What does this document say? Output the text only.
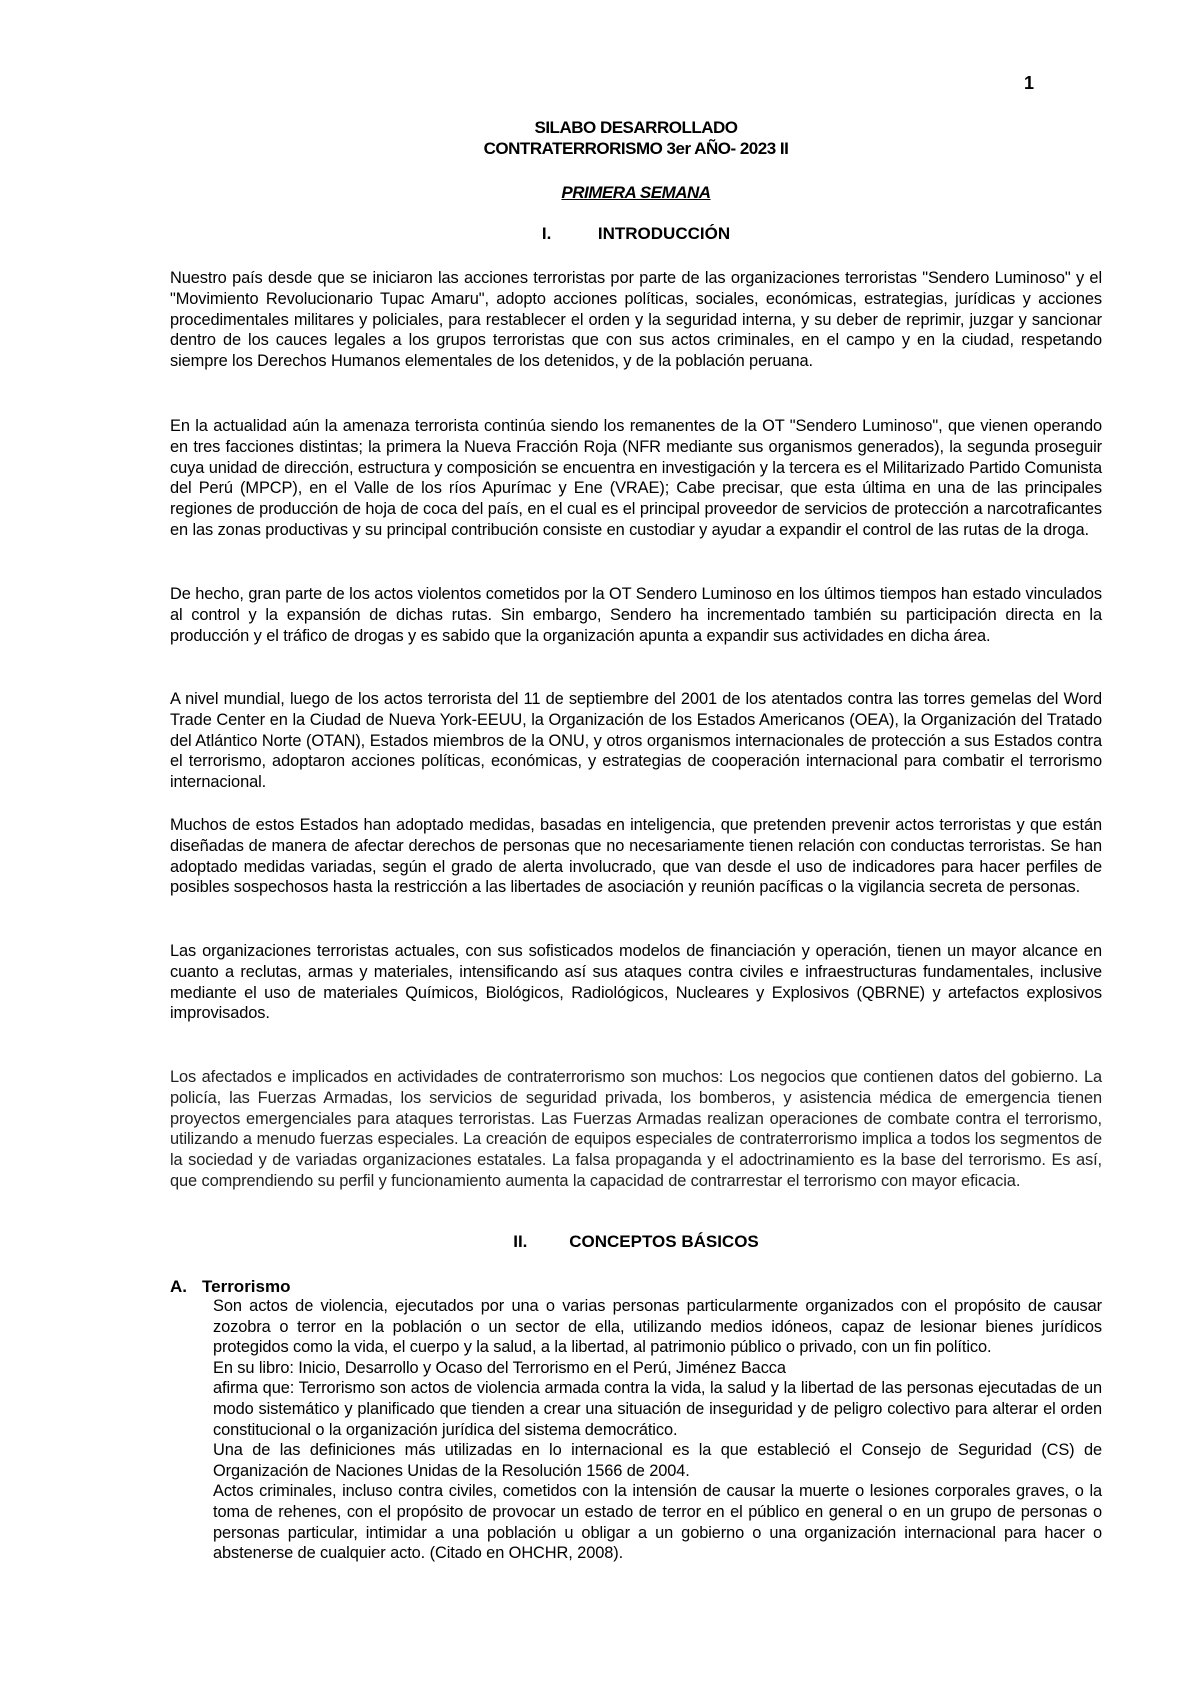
1
SILABO DESARROLLADO
CONTRATERRORISMO 3er AÑO- 2023 II
PRIMERA SEMANA
I.	INTRODUCCIÓN
Nuestro país desde que se iniciaron las acciones terroristas por parte de las organizaciones terroristas "Sendero Luminoso" y el "Movimiento Revolucionario Tupac Amaru", adopto acciones políticas, sociales, económicas, estrategias, jurídicas y acciones procedimentales militares y policiales, para restablecer el orden y la seguridad interna, y su deber de reprimir, juzgar y sancionar dentro de los cauces legales a los grupos terroristas que con sus actos criminales, en el campo y en la ciudad, respetando siempre los Derechos Humanos elementales de los detenidos, y de la población peruana.
En la actualidad aún la amenaza terrorista continúa siendo los remanentes de la OT "Sendero Luminoso", que vienen operando en tres facciones distintas; la primera la Nueva Fracción Roja (NFR mediante sus organismos generados), la segunda proseguir cuya unidad de dirección, estructura y composición se encuentra en investigación y la tercera es el Militarizado Partido Comunista del Perú (MPCP), en el Valle de los ríos Apurímac y Ene (VRAE); Cabe precisar, que esta última en una de las principales regiones de producción de hoja de coca del país, en el cual es el principal proveedor de servicios de protección a narcotraficantes en las zonas productivas y su principal contribución consiste en custodiar y ayudar a expandir el control de las rutas de la droga.
De hecho, gran parte de los actos violentos cometidos por la OT Sendero Luminoso en los últimos tiempos han estado vinculados al control y la expansión de dichas rutas. Sin embargo, Sendero ha incrementado también su participación directa en la producción y el tráfico de drogas y es sabido que la organización apunta a expandir sus actividades en dicha área.
A nivel mundial, luego de los actos terrorista del 11 de septiembre del 2001 de los atentados contra las torres gemelas del Word Trade Center en la Ciudad de Nueva York-EEUU, la Organización de los Estados Americanos (OEA), la Organización del Tratado del Atlántico Norte (OTAN), Estados miembros de la ONU, y otros organismos internacionales de protección a sus Estados contra el terrorismo, adoptaron acciones políticas, económicas, y estrategias de cooperación internacional para combatir el terrorismo internacional.
Muchos de estos Estados han adoptado medidas, basadas en inteligencia, que pretenden prevenir actos terroristas y que están diseñadas de manera de afectar derechos de personas que no necesariamente tienen relación con conductas terroristas. Se han adoptado medidas variadas, según el grado de alerta involucrado, que van desde el uso de indicadores para hacer perfiles de posibles sospechosos hasta la restricción a las libertades de asociación y reunión pacíficas o la vigilancia secreta de personas.
Las organizaciones terroristas actuales, con sus sofisticados modelos de financiación y operación, tienen un mayor alcance en cuanto a reclutas, armas y materiales, intensificando así sus ataques contra civiles e infraestructuras fundamentales, inclusive mediante el uso de materiales Químicos, Biológicos, Radiológicos, Nucleares y Explosivos (QBRNE) y artefactos explosivos improvisados.
Los afectados e implicados en actividades de contraterrorismo son muchos: Los negocios que contienen datos del gobierno. La policía, las Fuerzas Armadas, los servicios de seguridad privada, los bomberos, y asistencia médica de emergencia tienen proyectos emergenciales para ataques terroristas. Las Fuerzas Armadas realizan operaciones de combate contra el terrorismo, utilizando a menudo fuerzas especiales. La creación de equipos especiales de contraterrorismo implica a todos los segmentos de la sociedad y de variadas organizaciones estatales. La falsa propaganda y el adoctrinamiento es la base del terrorismo. Es así, que comprendiendo su perfil y funcionamiento aumenta la capacidad de contrarrestar el terrorismo con mayor eficacia.
II. CONCEPTOS BÁSICOS
A. Terrorismo

Son actos de violencia, ejecutados por una o varias personas particularmente organizados con el propósito de causar zozobra o terror en la población o un sector de ella, utilizando medios idóneos, capaz de lesionar bienes jurídicos protegidos como la vida, el cuerpo y la salud, a la libertad, al patrimonio público o privado, con un fin político.

En su libro: Inicio, Desarrollo y Ocaso del Terrorismo en el Perú, Jiménez Bacca

afirma que: Terrorismo son actos de violencia armada contra la vida, la salud y la libertad de las personas ejecutadas de un modo sistemático y planificado que tienden a crear una situación de inseguridad y de peligro colectivo para alterar el orden constitucional o la organización jurídica del sistema democrático.

Una de las definiciones más utilizadas en lo internacional es la que estableció el Consejo de Seguridad (CS) de Organización de Naciones Unidas de la Resolución 1566 de 2004.

Actos criminales, incluso contra civiles, cometidos con la intensión de causar la muerte o lesiones corporales graves, o la toma de rehenes, con el propósito de provocar un estado de terror en el público en general o en un grupo de personas o personas particular, intimidar a una población u obligar a un gobierno o una organización internacional para hacer o abstenerse de cualquier acto. (Citado en OHCHR, 2008).
